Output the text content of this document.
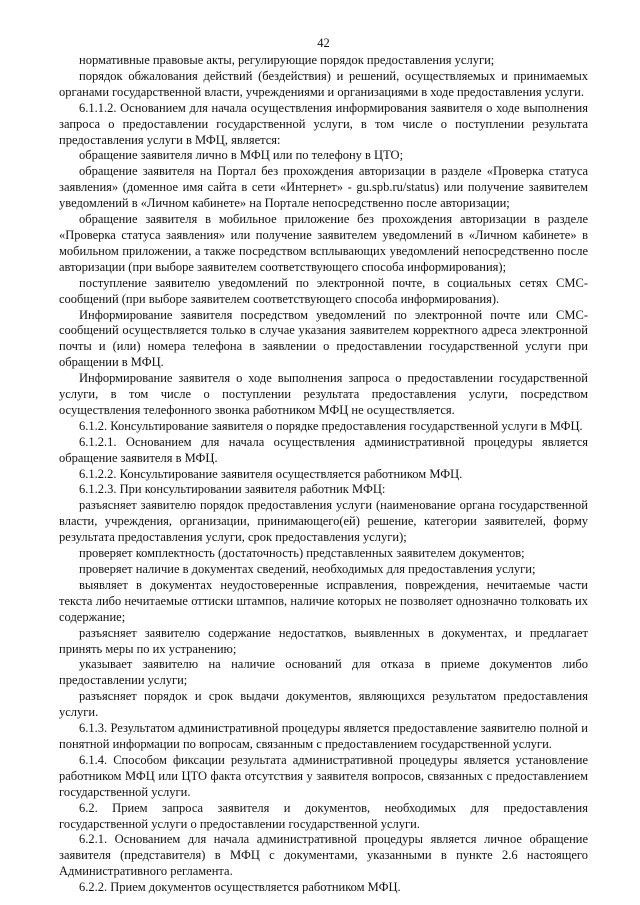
42

нормативные правовые акты, регулирующие порядок предоставления услуги;

порядок обжалования действий (бездействия) и решений, осуществляемых и принимаемых органами государственной власти, учреждениями и организациями в ходе предоставления услуги.

6.1.1.2. Основанием для начала осуществления информирования заявителя о ходе выполнения запроса о предоставлении государственной услуги, в том числе о поступлении результата предоставления услуги в МФЦ, является:

обращение заявителя лично в МФЦ или по телефону в ЦТО;

обращение заявителя на Портал без прохождения авторизации в разделе «Проверка статуса заявления» (доменное имя сайта в сети «Интернет» - gu.spb.ru/status) или получение заявителем уведомлений в «Личном кабинете» на Портале непосредственно после авторизации;

обращение заявителя в мобильное приложение без прохождения авторизации в разделе «Проверка статуса заявления» или получение заявителем уведомлений в «Личном кабинете» в мобильном приложении, а также посредством всплывающих уведомлений непосредственно после авторизации (при выборе заявителем соответствующего способа информирования);

поступление заявителю уведомлений по электронной почте, в социальных сетях СМС-сообщений (при выборе заявителем соответствующего способа информирования).

Информирование заявителя посредством уведомлений по электронной почте или СМС-сообщений осуществляется только в случае указания заявителем корректного адреса электронной почты и (или) номера телефона в заявлении о предоставлении государственной услуги при обращении в МФЦ.

Информирование заявителя о ходе выполнения запроса о предоставлении государственной услуги, в том числе о поступлении результата предоставления услуги, посредством осуществления телефонного звонка работником МФЦ не осуществляется.

6.1.2. Консультирование заявителя о порядке предоставления государственной услуги в МФЦ.

6.1.2.1. Основанием для начала осуществления административной процедуры является обращение заявителя в МФЦ.

6.1.2.2. Консультирование заявителя осуществляется работником МФЦ.

6.1.2.3. При консультировании заявителя работник МФЦ:

разъясняет заявителю порядок предоставления услуги (наименование органа государственной власти, учреждения, организации, принимающего(ей) решение, категории заявителей, форму результата предоставления услуги, срок предоставления услуги);

проверяет комплектность (достаточность) представленных заявителем документов;

проверяет наличие в документах сведений, необходимых для предоставления услуги;

выявляет в документах неудостоверенные исправления, повреждения, нечитаемые части текста либо нечитаемые оттиски штампов, наличие которых не позволяет однозначно толковать их содержание;

разъясняет заявителю содержание недостатков, выявленных в документах, и предлагает принять меры по их устранению;

указывает заявителю на наличие оснований для отказа в приеме документов либо предоставлении услуги;

разъясняет порядок и срок выдачи документов, являющихся результатом предоставления услуги.

6.1.3. Результатом административной процедуры является предоставление заявителю полной и понятной информации по вопросам, связанным с предоставлением государственной услуги.

6.1.4. Способом фиксации результата административной процедуры является установление работником МФЦ или ЦТО факта отсутствия у заявителя вопросов, связанных с предоставлением государственной услуги.

6.2. Прием запроса заявителя и документов, необходимых для предоставления государственной услуги о предоставлении государственной услуги.

6.2.1. Основанием для начала административной процедуры является личное обращение заявителя (представителя) в МФЦ с документами, указанными в пункте 2.6 настоящего Административного регламента.

6.2.2. Прием документов осуществляется работником МФЦ.
